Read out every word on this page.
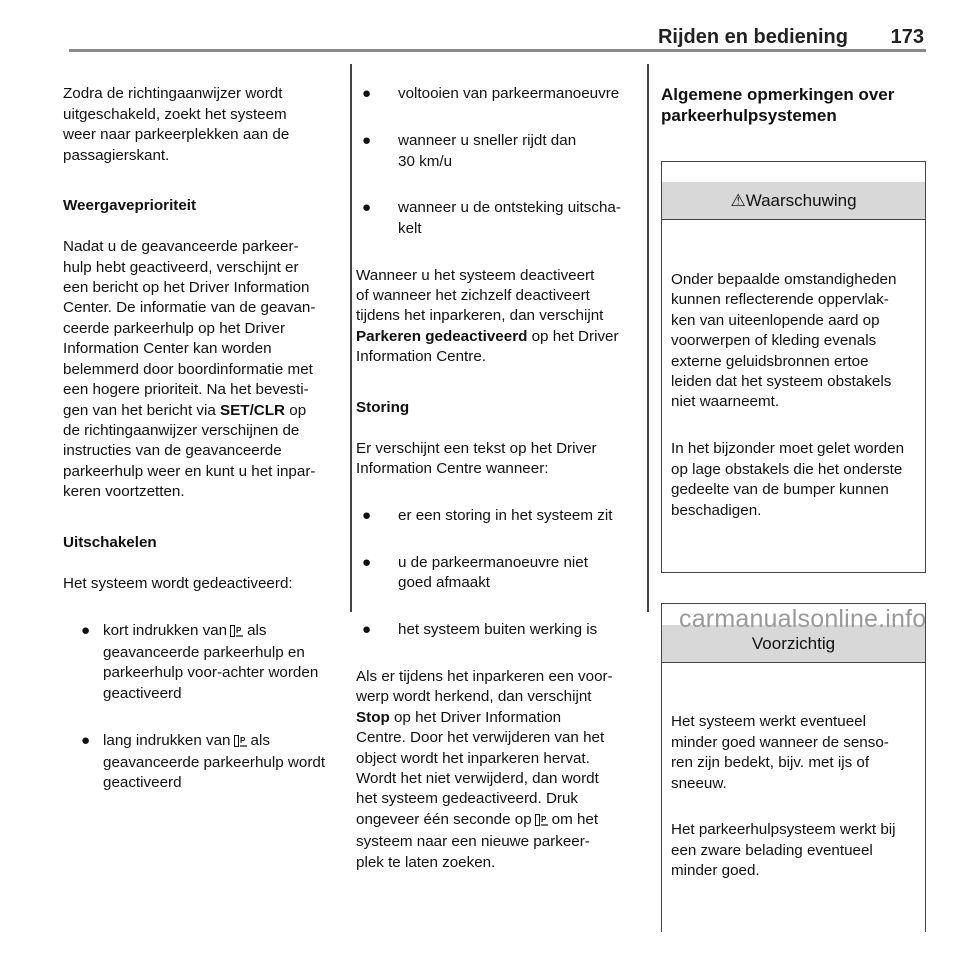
Rijden en bediening 173

Zodra de richtingaanwijzer wordt
uitgeschakeld, zoekt het systeem
weer naar parkeerplekken aan de
passagierskant.

Weergaveprioriteit

Nadat u de geavanceerde parkeer-
hulp hebt geactiveerd, verschijnt er
een bericht op het Driver Information
Center. De informatie van de geavan-
ceerde parkeerhulp op het Driver
Information Center kan worden
belemmerd door boordinformatie met
een hogere prioriteit. Na het bevesti-
gen van het bericht via SET/CLR op
de richtingaanwijzer verschijnen de
instructies van de geavanceerde
parkeerhulp weer en kunt u het inpar-
keren voortzetten.

Uitschakelen

Het systeem wordt gedeactiveerd:

● kort indrukken van P als
geavanceerde parkeerhulp en
parkeerhulp voor-achter worden
geactiveerd

● lang indrukken van P als
geavanceerde parkeerhulp wordt
geactiveerd

● voltooien van parkeermanoeuvre

● wanneer u sneller rijdt dan
30 km/u

● wanneer u de ontsteking uitscha-
kelt

Wanneer u het systeem deactiveert
of wanneer het zichzelf deactiveert
tijdens het inparkeren, dan verschijnt
Parkeren gedeactiveerd op het Driver
Information Centre.

Storing

Er verschijnt een tekst op het Driver
Information Centre wanneer:

● er een storing in het systeem zit

● u de parkeermanoeuvre niet
goed afmaakt

● het systeem buiten werking is

Als er tijdens het inparkeren een voor-
werp wordt herkend, dan verschijnt
Stop op het Driver Information
Centre. Door het verwijderen van het
object wordt het inparkeren hervat.
Wordt het niet verwijderd, dan wordt
het systeem gedeactiveerd. Druk
ongeveer één seconde op P om het
systeem naar een nieuwe parkeer-
plek te laten zoeken.

Algemene opmerkingen over
parkeerhulpsystemen

⚠Waarschuwing

Onder bepaalde omstandigheden
kunnen reflecterende oppervlak-
ken van uiteenlopende aard op
voorwerpen of kleding evenals
externe geluidsbronnen ertoe
leiden dat het systeem obstakels
niet waarneemt.

In het bijzonder moet gelet worden
op lage obstakels die het onderste
gedeelte van de bumper kunnen
beschadigen.

Voorzichtig

Het systeem werkt eventueel
minder goed wanneer de senso-
ren zijn bedekt, bijv. met ijs of
sneeuw.

Het parkeerhulpsysteem werkt bij
een zware belading eventueel
minder goed.

carmanualsonline.info
